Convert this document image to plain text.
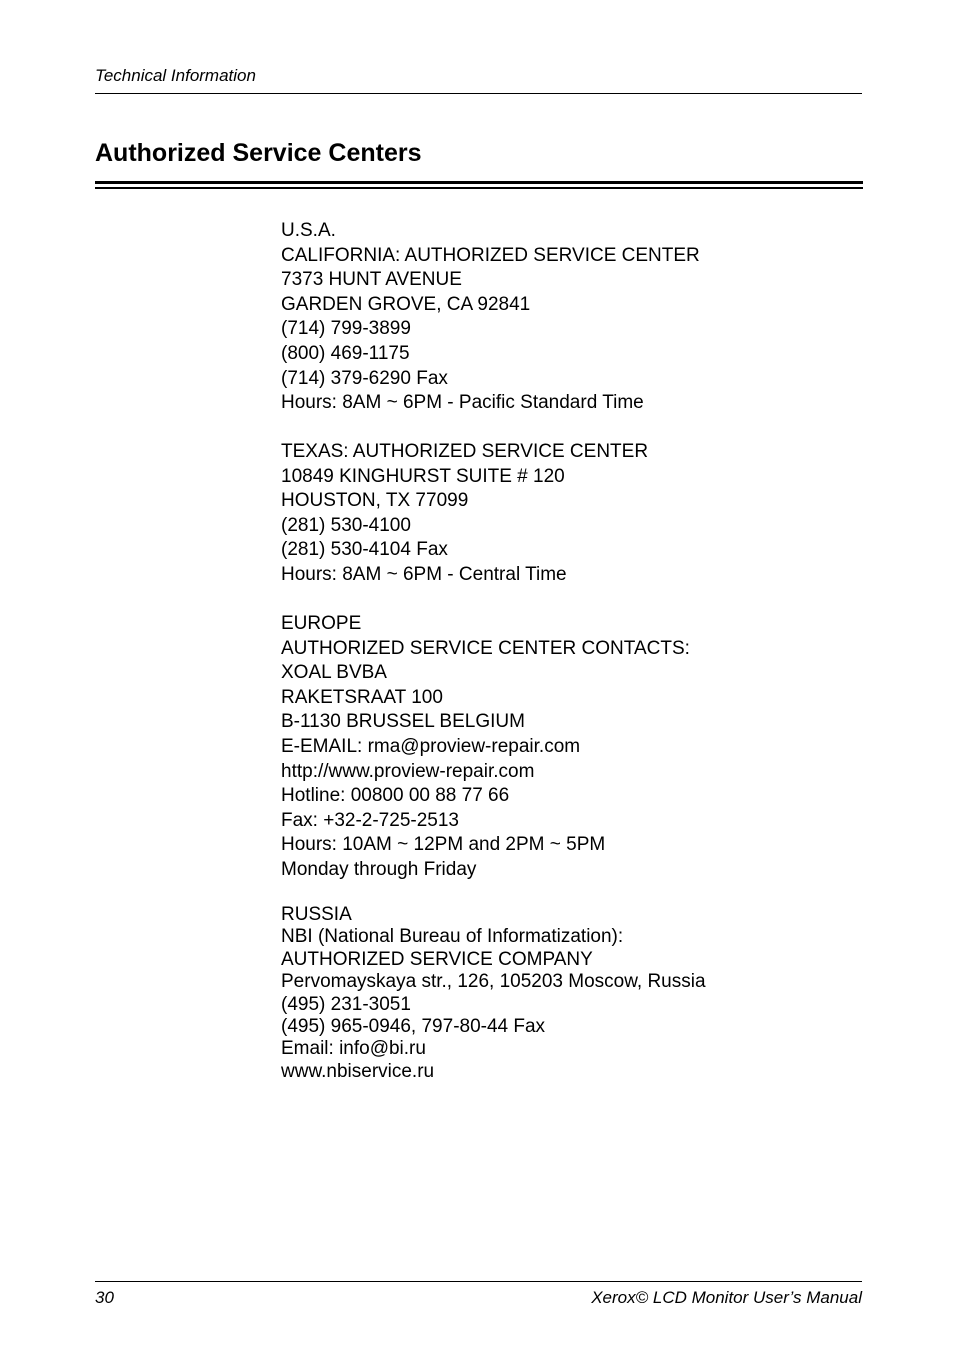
Technical Information
Authorized Service Centers
U.S.A.
CALIFORNIA: AUTHORIZED SERVICE CENTER
7373 HUNT AVENUE
GARDEN GROVE, CA 92841
(714) 799-3899
(800) 469-1175
(714) 379-6290 Fax
Hours: 8AM ~ 6PM - Pacific Standard Time
TEXAS: AUTHORIZED SERVICE CENTER
10849 KINGHURST SUITE # 120
HOUSTON, TX 77099
(281) 530-4100
(281) 530-4104 Fax
Hours: 8AM ~ 6PM - Central Time
EUROPE
AUTHORIZED SERVICE CENTER CONTACTS:
XOAL BVBA
RAKETSRAAT 100
B-1130 BRUSSEL BELGIUM
E-EMAIL: rma@proview-repair.com
http://www.proview-repair.com
Hotline: 00800 00 88 77 66
Fax: +32-2-725-2513
Hours: 10AM ~ 12PM and 2PM ~ 5PM
Monday through Friday
RUSSIA
NBI (National Bureau of Informatization):
AUTHORIZED SERVICE COMPANY
Pervomayskaya str., 126, 105203 Moscow, Russia
(495) 231-3051
(495) 965-0946, 797-80-44 Fax
Email: info@bi.ru
www.nbiservice.ru
30	Xerox© LCD Monitor User’s Manual
